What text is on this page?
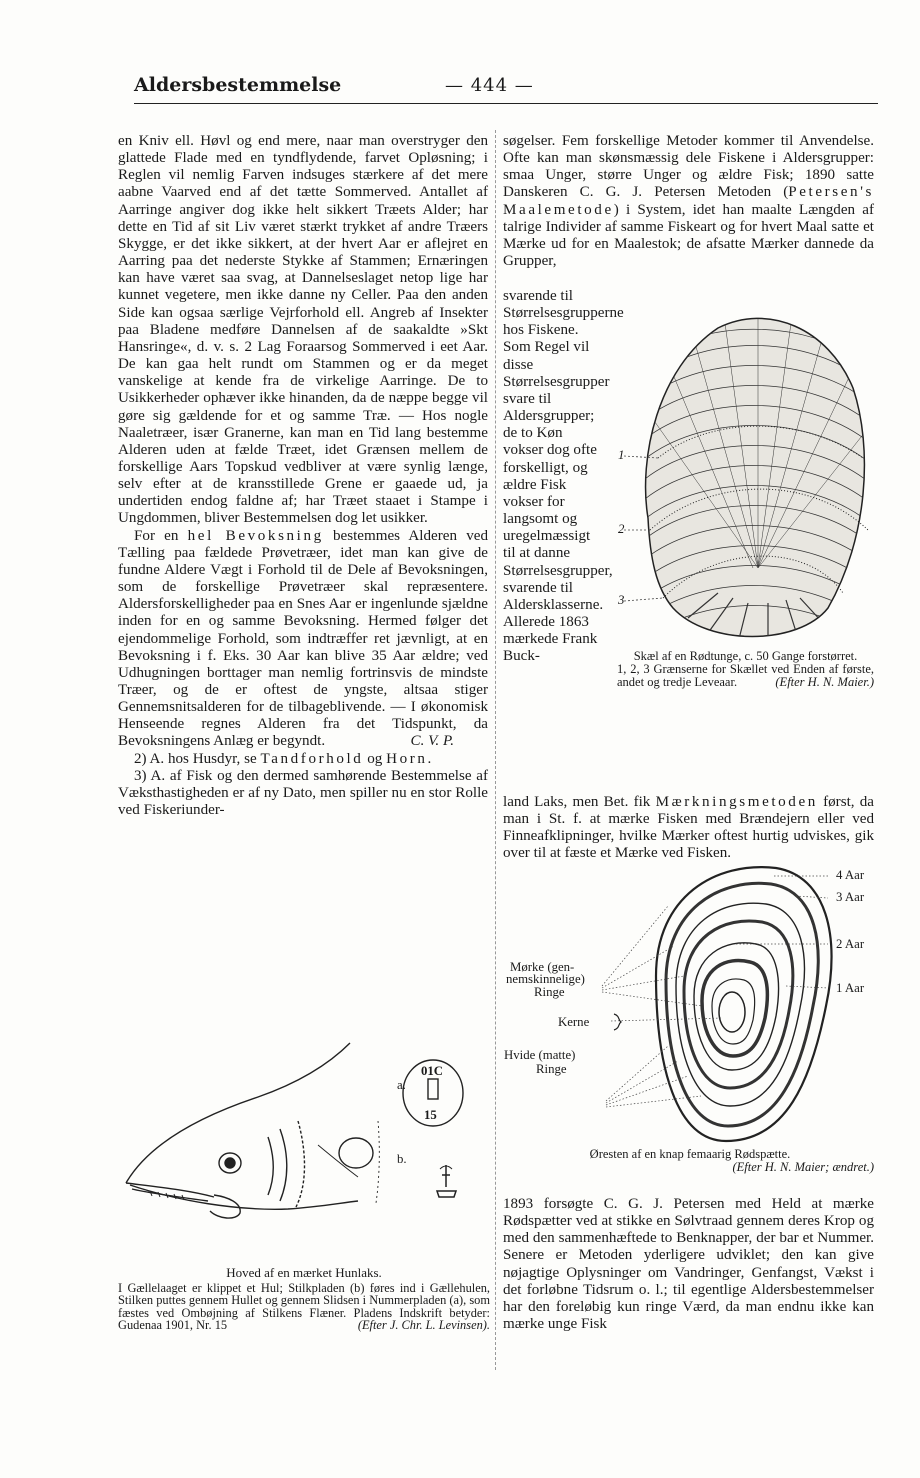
Aldersbestemmelse	— 444 —

en Kniv ell. Høvl og end mere, naar man overstryger den glattede Flade med en tyndflydende, farvet Opløsning; i Reglen vil nemlig Farven indsuges stærkere af det mere aabne Vaarved end af det tætte Sommerved. Antallet af Aarringe angiver dog ikke helt sikkert Træets Alder; har dette en Tid af sit Liv været stærkt trykket af andre Træers Skygge, er det ikke sikkert, at der hvert Aar er aflejret en Aarring paa det nederste Stykke af Stammen; Ernæringen kan have været saa svag, at Dannelseslaget netop lige har kunnet vegetere, men ikke danne ny Celler. Paa den anden Side kan ogsaa særlige Vejrforhold ell. Angreb af Insekter paa Bladene medføre Dannelsen af de saakaldte »Skt Hansringe«, d. v. s. 2 Lag Foraarsog Sommerved i eet Aar. De kan gaa helt rundt om Stammen og er da meget vanskelige at kende fra de virkelige Aarringe. De to Usikkerheder ophæver ikke hinanden, da de næppe begge vil gøre sig gældende for et og samme Træ. — Hos nogle Naaletræer, især Granerne, kan man en Tid lang bestemme Alderen uden at fælde Træet, idet Grænsen mellem de forskellige Aars Topskud vedbliver at være synlig længe, selv efter at de kransstillede Grene er gaaede ud, ja undertiden endog faldne af; har Træet staaet i Stampe i Ungdommen, bliver Bestemmelsen dog let usikker.

For en hel Bevoksning bestemmes Alderen ved Tælling paa fældede Prøvetræer, idet man kan give de fundne Aldere Vægt i Forhold til de Dele af Bevoksningen, som de forskellige Prøvetræer skal repræsentere. Aldersforskelligheder paa en Snes Aar er ingenlunde sjældne inden for en og samme Bevoksning. Hermed følger det ejendommelige Forhold, som indtræffer ret jævnligt, at en Bevoksning i f. Eks. 30 Aar kan blive 35 Aar ældre; ved Udhugningen borttager man nemlig fortrinsvis de mindste Træer, og de er oftest de yngste, altsaa stiger Gennemsnitsalderen for de tilbageblivende. — I økonomisk Henseende regnes Alderen fra det Tidspunkt, da Bevoksningens Anlæg er begyndt.	C. V. P.

2) A. hos Husdyr, se Tandforhold og Horn.

3) A. af Fisk og den dermed samhørende Bestemmelse af Væksthastigheden er af ny Dato, men spiller nu en stor Rolle ved Fiskeriunder-

a.
b.
01C
15
Hoved af en mærket Hunlaks.
I Gællelaaget er klippet et Hul; Stilkpladen (b) føres ind i Gællehulen, Stilken puttes gennem Hullet og gennem Slidsen i Nummerpladen (a), som fæstes ved Ombøjning af Stilkens Flæner. Pladens Indskrift betyder: Gudenaa 1901, Nr. 15	(Efter J. Chr. L. Levinsen).

søgelser. Fem forskellige Metoder kommer til Anvendelse. Ofte kan man skønsmæssig dele Fiskene i Aldersgrupper: smaa Unger, større Unger og ældre Fisk; 1890 satte Danskeren C. G. J. Petersen Metoden (Petersen's Maalemetode) i System, idet han maalte Længden af talrige Individer af samme Fiskeart og for hvert Maal satte et Mærke ud for en Maalestok; de afsatte Mærker dannede da Grupper,

svarende til Størrelsesgrupperne hos Fiskene. Som Regel vil disse Størrelsesgrupper svare til Aldersgrupper; de to Køn vokser dog ofte forskelligt, og ældre Fisk vokser for langsomt og uregelmæssigt til at danne Størrelsesgrupper, svarende til Aldersklasserne. Allerede 1863 mærkede Frank Buck-
1
2
3
Skæl af en Rødtunge, c. 50 Gange forstørret.
1, 2, 3 Grænserne for Skællet ved Enden af første, andet og tredje Leveaar.	(Efter H. N. Maier.)

land Laks, men Bet. fik Mærkningsmetoden først, da man i St. f. at mærke Fisken med Brændejern eller ved Finneafklipninger, hvilke Mærker oftest hurtig udviskes, gik over til at fæste et Mærke ved Fisken.

4 Aar
3 Aar
2 Aar
1 Aar
Mørke (gen-
nemskinnelige)
Ringe
Kerne
Hvide (matte)
Ringe
Øresten af en knap femaarig Rødspætte.
(Efter H. N. Maier; ændret.)

1893 forsøgte C. G. J. Petersen med Held at mærke Rødspætter ved at stikke en Sølvtraad gennem deres Krop og med den sammenhæftede to Benknapper, der bar et Nummer. Senere er Metoden yderligere udviklet; den kan give nøjagtige Oplysninger om Vandringer, Genfangst, Vækst i det forløbne Tidsrum o. l.; til egentlige Aldersbestemmelser har den foreløbig kun ringe Værd, da man endnu ikke kan mærke unge Fisk
